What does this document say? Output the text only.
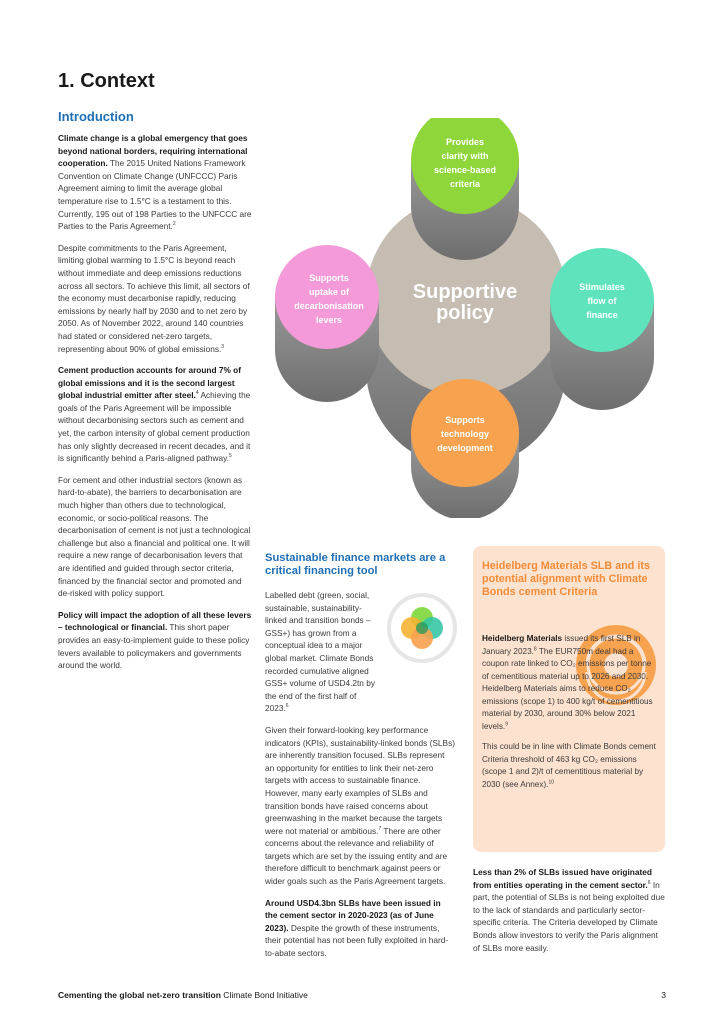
1. Context
Introduction

Climate change is a global emergency that goes beyond national borders, requiring international cooperation. The 2015 United Nations Framework Convention on Climate Change (UNFCCC) Paris Agreement aiming to limit the average global temperature rise to 1.5°C is a testament to this. Currently, 195 out of 198 Parties to the UNFCCC are Parties to the Paris Agreement.$^2$

Despite commitments to the Paris Agreement, limiting global warming to 1.5°C is beyond reach without immediate and deep emissions reductions across all sectors. To achieve this limit, all sectors of the economy must decarbonise rapidly, reducing emissions by nearly half by 2030 and to net zero by 2050. As of November 2022, around 140 countries had stated or considered net-zero targets, representing about 90% of global emissions.$^3$

Cement production accounts for around 7% of global emissions and it is the second largest global industrial emitter after steel.$^4$ Achieving the goals of the Paris Agreement will be impossible without decarbonising sectors such as cement and yet, the carbon intensity of global cement production has only slightly decreased in recent decades, and it is significantly behind a Paris-aligned pathway.$^5$

For cement and other industrial sectors (known as hard-to-abate), the barriers to decarbonisation are much higher than others due to technological, economic, or socio-political reasons. The decarbonisation of cement is not just a technological challenge but also a financial and political one. It will require a new range of decarbonisation levers that are identified and guided through sector criteria, financed by the financial sector and promoted and de-risked with policy support.

Policy will impact the adoption of all these levers – technological or financial. This short paper provides an easy-to-implement guide to these policy levers available to policymakers and governments around the world.

Supportive
policy
Provides
clarity with
science-based
criteria
Supports
uptake of
decarbonisation
levers
Stimulates
flow of
finance
Supports
technology
development
Sustainable finance markets are a critical financing tool

Labelled debt (green, social, sustainable, sustainability-linked and transition bonds – GSS+) has grown from a conceptual idea to a major global market. Climate Bonds recorded cumulative aligned GSS+ volume of USD4.2tn by the end of the first half of 2023.$^6$

Given their forward-looking key performance indicators (KPIs), sustainability-linked bonds (SLBs) are inherently transition focused. SLBs represent an opportunity for entities to link their net-zero targets with access to sustainable finance. However, many early examples of SLBs and transition bonds have raised concerns about greenwashing in the market because the targets were not material or ambitious.$^7$ There are other concerns about the relevance and reliability of targets which are set by the issuing entity and are therefore difficult to benchmark against peers or wider goals such as the Paris Agreement targets.

Around USD4.3bn SLBs have been issued in the cement sector in 2020-2023 (as of June 2023). Despite the growth of these instruments, their potential has not been fully exploited in hard-to-abate sectors.

Heidelberg Materials SLB and its potential alignment with Climate Bonds cement Criteria

Heidelberg Materials issued its first SLB in January 2023.$^8$ The EUR750m deal had a coupon rate linked to CO₂ emissions per tonne of cementitious material up to 2026 and 2030. Heidelberg Materials aims to reduce CO₂ emissions (scope 1) to 400 kg/t of cementitious material by 2030, around 30% below 2021 levels.$^9$

This could be in line with Climate Bonds cement Criteria threshold of 463 kg CO₂ emissions (scope 1 and 2)/t of cementitious material by 2030 (see Annex).$^{10}$

Less than 2% of SLBs issued have originated from entities operating in the cement sector.$^6$ In part, the potential of SLBs is not being exploited due to the lack of standards and particularly sector-specific criteria. The Criteria developed by Climate Bonds allow investors to verify the Paris alignment of SLBs more easily.

Cementing the global net-zero transition Climate Bond Initiative	3
